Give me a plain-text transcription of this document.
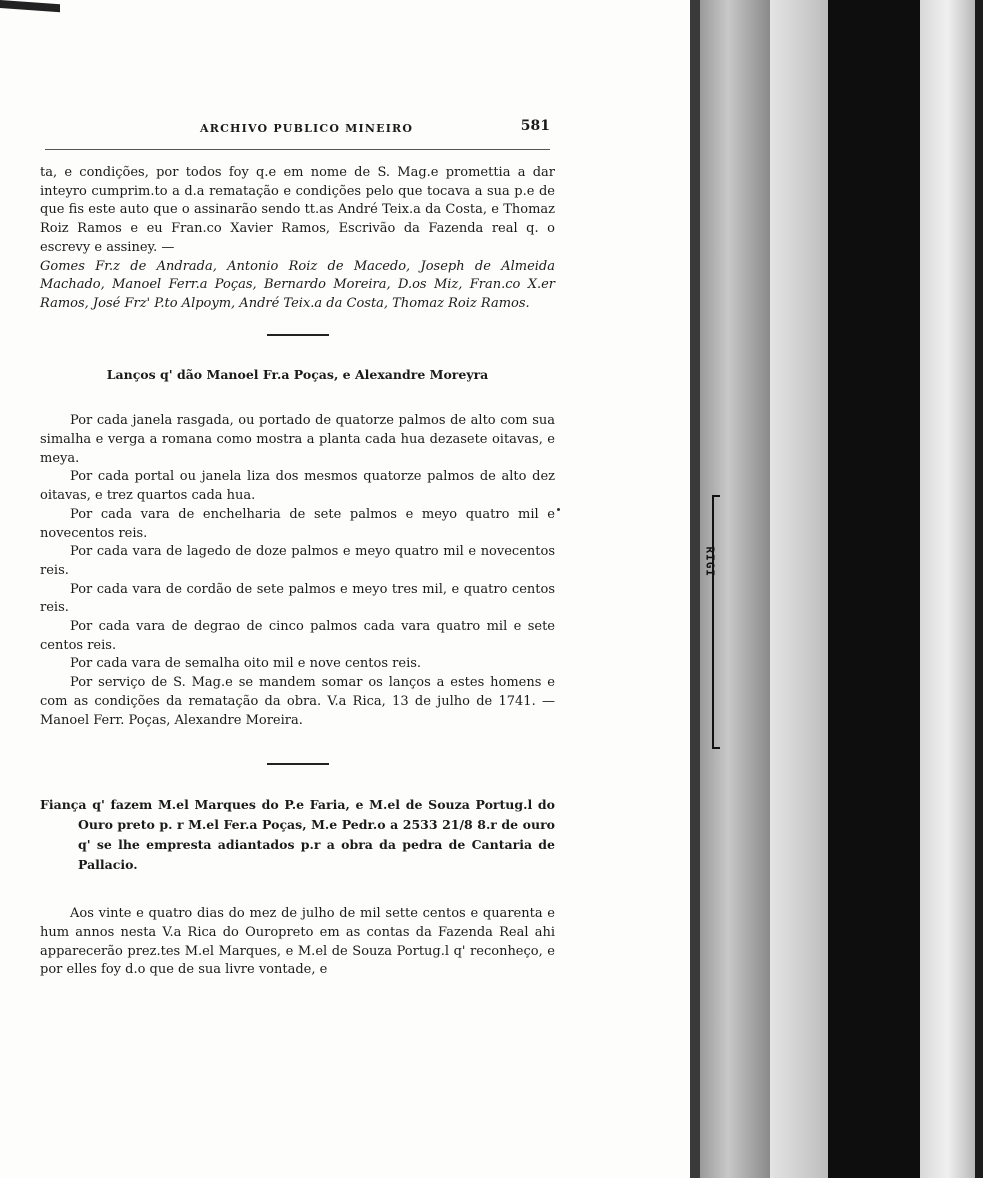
ARCHIVO PUBLICO MINEIRO	581

ta, e condições, por todos foy q.e em nome de S. Mag.e promettia a dar inteyro cumprim.to a d.a rematação e condições pelo que tocava a sua p.e de que fis este auto que o assinarão sendo tt.as André Teix.a da Costa, e Thomaz Roiz Ramos e eu Fran.co Xavier Ramos, Escrivão da Fazenda real q. o escrevy e assiney. —

Gomes Fr.z de Andrada, Antonio Roiz de Macedo, Joseph de Almeida Machado, Manoel Ferr.a Poças, Bernardo Moreira, D.os Miz, Fran.co X.er Ramos, José Frz' P.to Alpoym, André Teix.a da Costa, Thomaz Roiz Ramos.

Lanços q' dão Manoel Fr.a Poças, e Alexandre Moreyra

Por cada janela rasgada, ou portado de quatorze palmos de alto com sua simalha e verga a romana como mostra a planta cada hua dezasete oitavas, e meya.

Por cada portal ou janela liza dos mesmos quatorze palmos de alto dez oitavas, e trez quartos cada hua.

Por cada vara de enchelharia de sete palmos e meyo quatro mil e novecentos reis.

Por cada vara de lagedo de doze palmos e meyo quatro mil e novecentos reis.

Por cada vara de cordão de sete palmos e meyo tres mil, e quatro centos reis.

Por cada vara de degrao de cinco palmos cada vara quatro mil e sete centos reis.

Por cada vara de semalha oito mil e nove centos reis.

Por serviço de S. Mag.e se mandem somar os lanços a estes homens e com as condições da rematação da obra. V.a Rica, 13 de julho de 1741. — Manoel Ferr. Poças, Alexandre Moreira.

Fiança q' fazem M.el Marques do P.e Faria, e M.el de Souza Portug.l do Ouro preto p. r M.el Fer.a Poças, M.e Pedr.o a 2533 21/8 8.r de ouro q' se lhe empresta adiantados p.r a obra da pedra de Cantaria de Pallacio.

Aos vinte e quatro dias do mez de julho de mil sette centos e quarenta e hum annos nesta V.a Rica do Ouropreto em as contas da Fazenda Real ahi apparecerão prez.tes M.el Marques, e M.el de Souza Portug.l q' reconheço, e por elles foy d.o que de sua livre vontade, e

RIGI
